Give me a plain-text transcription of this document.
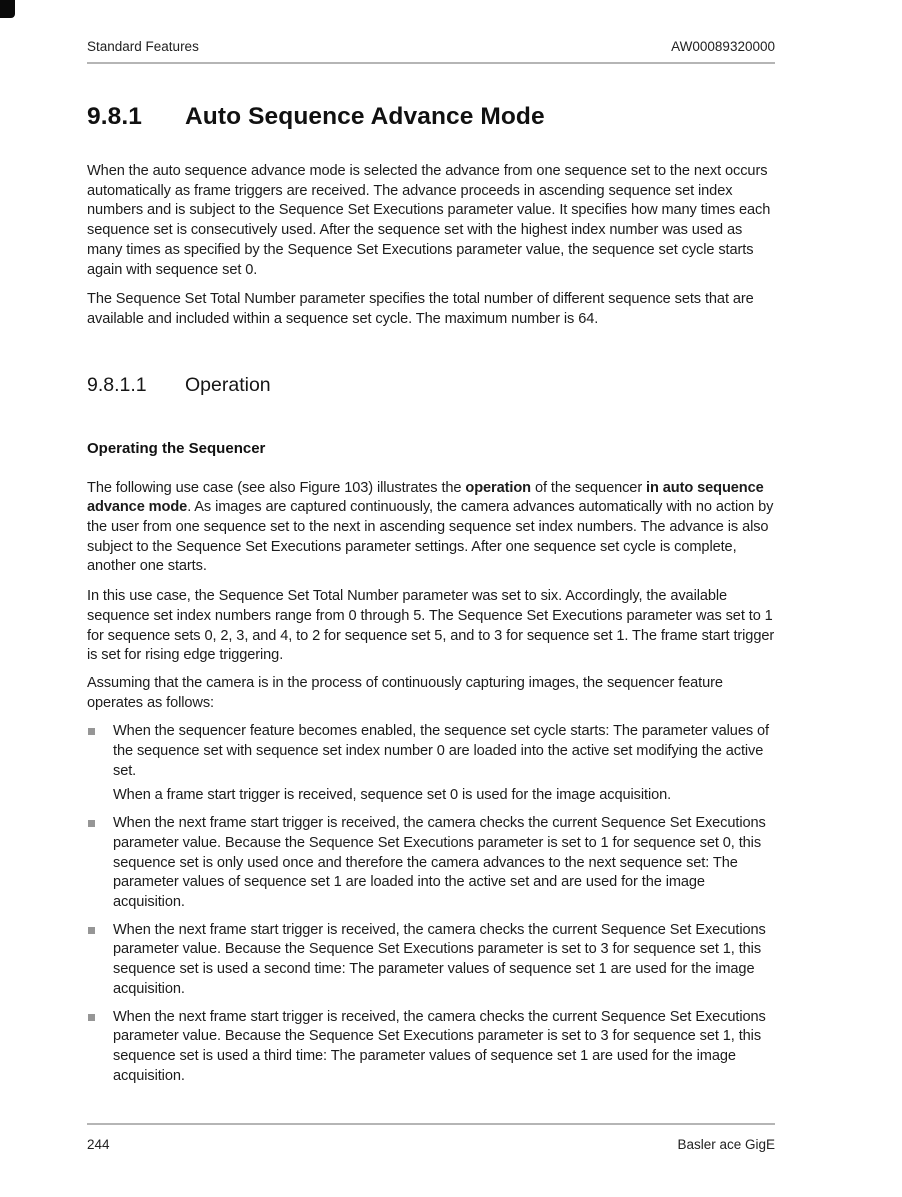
Standard Features	AW00089320000
9.8.1	Auto Sequence Advance Mode

When the auto sequence advance mode is selected the advance from one sequence set to the next occurs automatically as frame triggers are received. The advance proceeds in ascending sequence set index numbers and is subject to the Sequence Set Executions parameter value. It specifies how many times each sequence set is consecutively used. After the sequence set with the highest index number was used as many times as specified by the Sequence Set Executions parameter value, the sequence set cycle starts again with sequence set 0.

The Sequence Set Total Number parameter specifies the total number of different sequence sets that are available and included within a sequence set cycle. The maximum number is 64.

9.8.1.1	Operation
Operating the Sequencer

The following use case (see also Figure 103) illustrates the operation of the sequencer in auto sequence advance mode. As images are captured continuously, the camera advances automatically with no action by the user from one sequence set to the next in ascending sequence set index numbers. The advance is also subject to the Sequence Set Executions parameter settings. After one sequence set cycle is complete, another one starts.

In this use case, the Sequence Set Total Number parameter was set to six. Accordingly, the available sequence set index numbers range from 0 through 5. The Sequence Set Executions parameter was set to 1 for sequence sets 0, 2, 3, and 4, to 2 for sequence set 5, and to 3 for sequence set 1. The frame start trigger is set for rising edge triggering.

Assuming that the camera is in the process of continuously capturing images, the sequencer feature operates as follows:

When the sequencer feature becomes enabled, the sequence set cycle starts: The parameter values of the sequence set with sequence set index number 0 are loaded into the active set modifying the active set.
When a frame start trigger is received, sequence set 0 is used for the image acquisition.
When the next frame start trigger is received, the camera checks the current Sequence Set Executions parameter value. Because the Sequence Set Executions parameter is set to 1 for sequence set 0, this sequence set is only used once and therefore the camera advances to the next sequence set: The parameter values of sequence set 1 are loaded into the active set and are used for the image acquisition.
When the next frame start trigger is received, the camera checks the current Sequence Set Executions parameter value. Because the Sequence Set Executions parameter is set to 3 for sequence set 1, this sequence set is used a second time: The parameter values of sequence set 1 are used for the image acquisition.
When the next frame start trigger is received, the camera checks the current Sequence Set Executions parameter value. Because the Sequence Set Executions parameter is set to 3 for sequence set 1, this sequence set is used a third time: The parameter values of sequence set 1 are used for the image acquisition.
244	Basler ace GigE
